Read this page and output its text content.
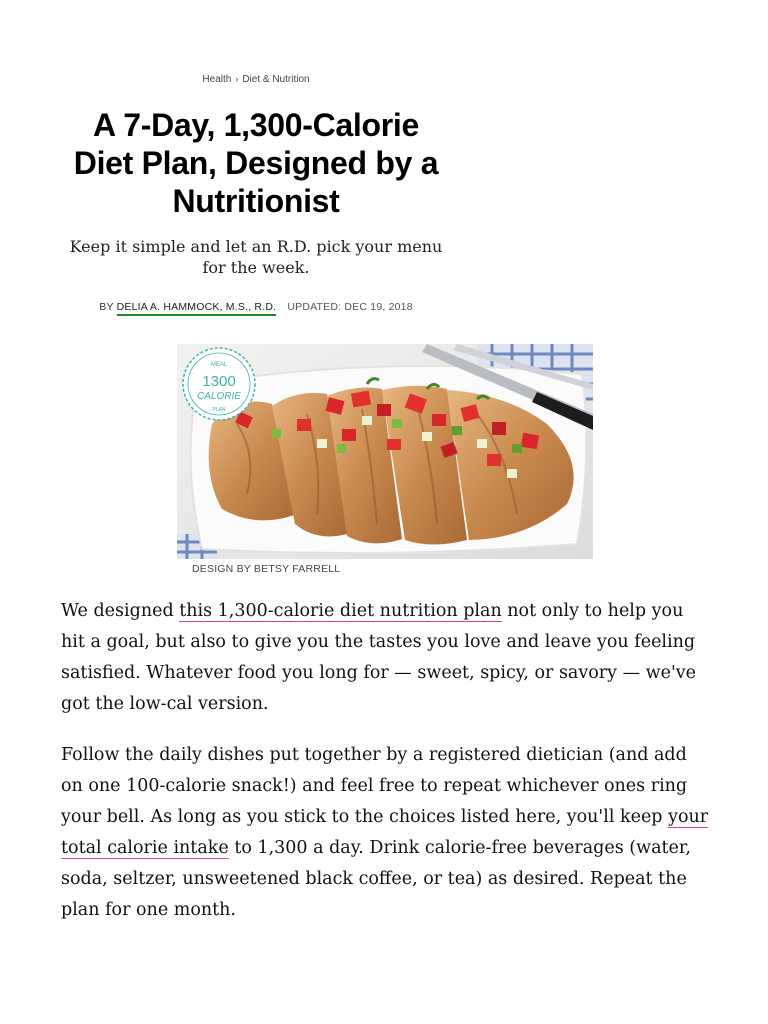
Health › Diet & Nutrition
A 7-Day, 1,300-Calorie
Diet Plan, Designed by a
Nutritionist
Keep it simple and let an R.D. pick your menu for the week.
BY DELIA A. HAMMOCK, M.S., R.D. UPDATED: DEC 19, 2018
MEAL
1300
CALORIE
PLAN
DESIGN BY BETSY FARRELL

We designed this 1,300-calorie diet nutrition plan not only to help you hit a goal, but also to give you the tastes you love and leave you feeling satisfied. Whatever food you long for — sweet, spicy, or savory — we've got the low-cal version.

Follow the daily dishes put together by a registered dietician (and add on one 100-calorie snack!) and feel free to repeat whichever ones ring your bell. As long as you stick to the choices listed here, you'll keep your total calorie intake to 1,300 a day. Drink calorie-free beverages (water, soda, seltzer, unsweetened black coffee, or tea) as desired. Repeat the plan for one month.
